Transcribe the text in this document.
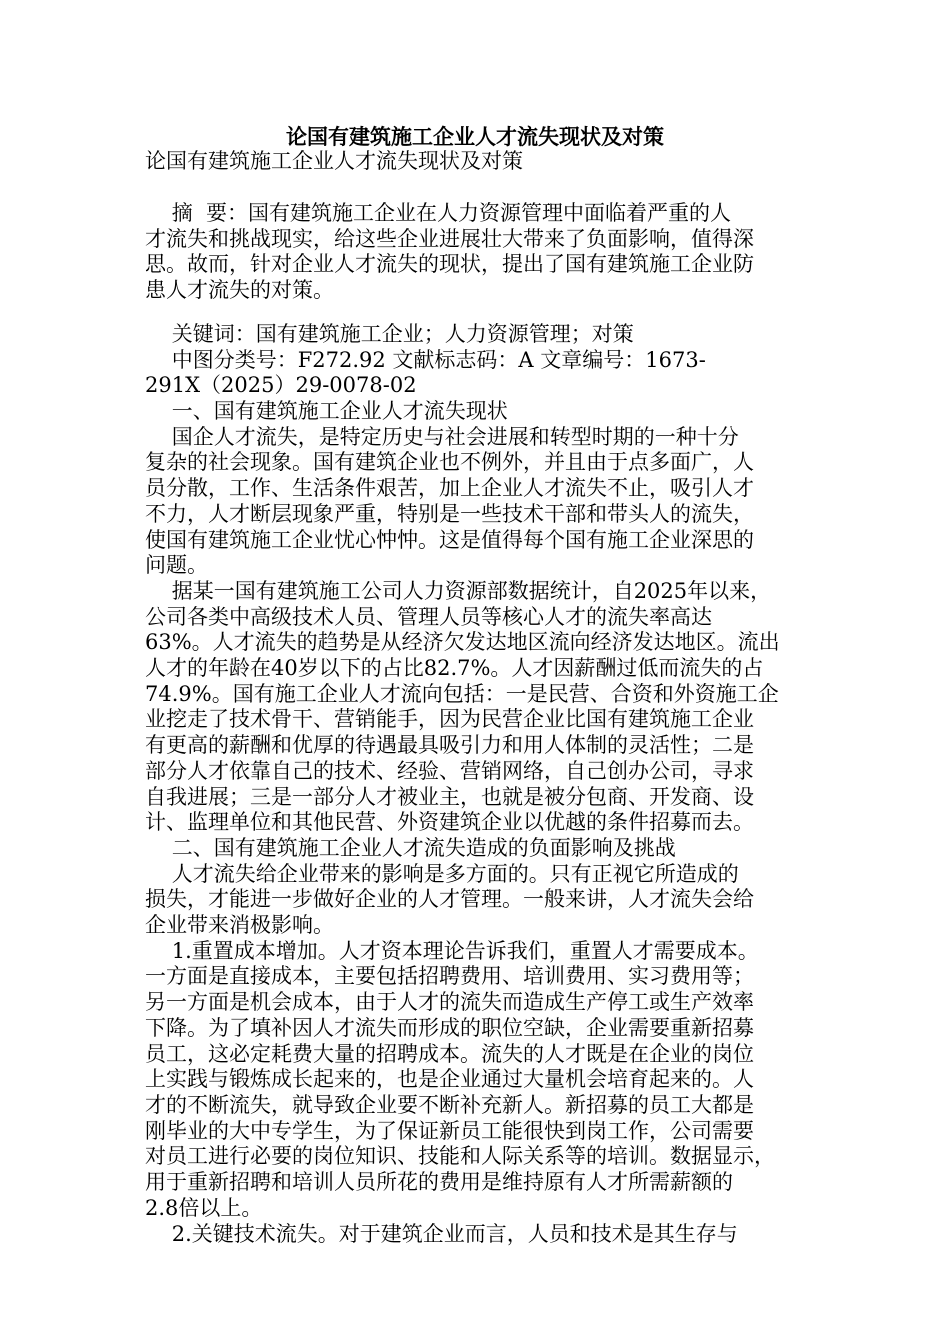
论国有建筑施工企业人才流失现状及对策
论国有建筑施工企业人才流失现状及对策
摘  要：国有建筑施工企业在人力资源管理中面临着严重的人
才流失和挑战现实，给这些企业进展壮大带来了负面影响，值得深
思。故而，针对企业人才流失的现状，提出了国有建筑施工企业防
患人才流失的对策。
关键词：国有建筑施工企业；人力资源管理；对策
中图分类号：F272.92 文献标志码：A 文章编号：1673-
291X（2025）29-0078-02
一、国有建筑施工企业人才流失现状
国企人才流失，是特定历史与社会进展和转型时期的一种十分
复杂的社会现象。国有建筑企业也不例外，并且由于点多面广，人
员分散，工作、生活条件艰苦，加上企业人才流失不止，吸引人才
不力，人才断层现象严重，特别是一些技术干部和带头人的流失，
使国有建筑施工企业忧心忡忡。这是值得每个国有施工企业深思的
问题。
据某一国有建筑施工公司人力资源部数据统计，自2025年以来，
公司各类中高级技术人员、管理人员等核心人才的流失率高达
63%。人才流失的趋势是从经济欠发达地区流向经济发达地区。流出
人才的年龄在40岁以下的占比82.7%。人才因薪酬过低而流失的占
74.9%。国有施工企业人才流向包括：一是民营、合资和外资施工企
业挖走了技术骨干、营销能手，因为民营企业比国有建筑施工企业
有更高的薪酬和优厚的待遇最具吸引力和用人体制的灵活性；二是
部分人才依靠自己的技术、经验、营销网络，自己创办公司，寻求
自我进展；三是一部分人才被业主，也就是被分包商、开发商、设
计、监理单位和其他民营、外资建筑企业以优越的条件招募而去。
二、国有建筑施工企业人才流失造成的负面影响及挑战
人才流失给企业带来的影响是多方面的。只有正视它所造成的
损失，才能进一步做好企业的人才管理。一般来讲，人才流失会给
企业带来消极影响。
1.重置成本增加。人才资本理论告诉我们，重置人才需要成本。
一方面是直接成本，主要包括招聘费用、培训费用、实习费用等；
另一方面是机会成本，由于人才的流失而造成生产停工或生产效率
下降。为了填补因人才流失而形成的职位空缺，企业需要重新招募
员工，这必定耗费大量的招聘成本。流失的人才既是在企业的岗位
上实践与锻炼成长起来的，也是企业通过大量机会培育起来的。人
才的不断流失，就导致企业要不断补充新人。新招募的员工大都是
刚毕业的大中专学生，为了保证新员工能很快到岗工作，公司需要
对员工进行必要的岗位知识、技能和人际关系等的培训。数据显示，
用于重新招聘和培训人员所花的费用是维持原有人才所需薪额的
2.8倍以上。
2.关键技术流失。对于建筑企业而言，人员和技术是其生存与
